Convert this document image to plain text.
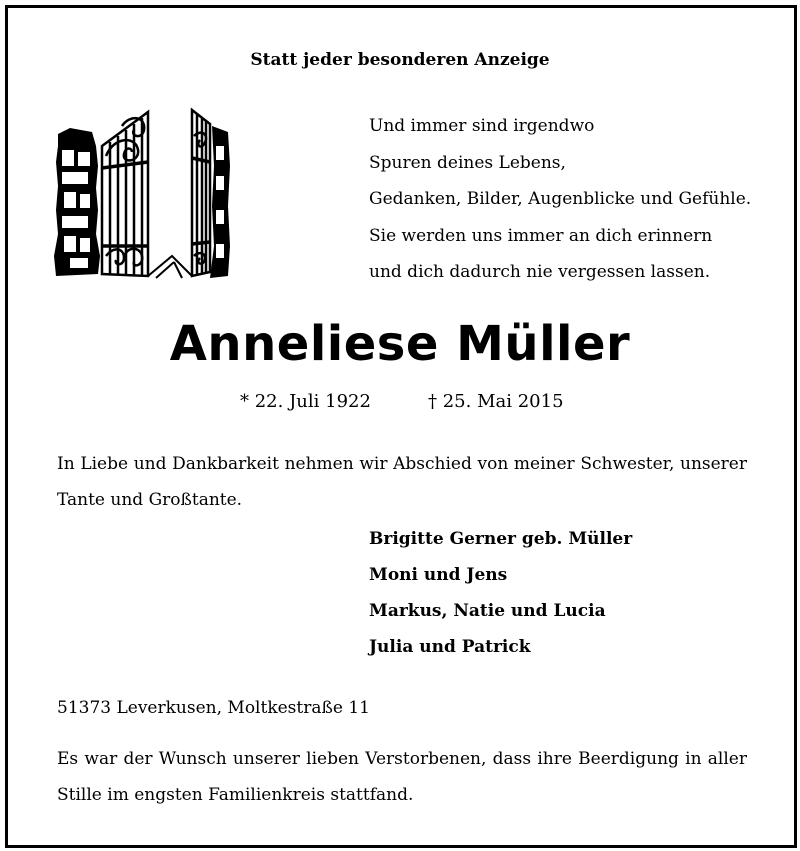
Statt jeder besonderen Anzeige
Und immer sind irgendwo
Spuren deines Lebens,
Gedanken, Bilder, Augenblicke und Gefühle.
Sie werden uns immer an dich erinnern
und dich dadurch nie vergessen lassen.
Anneliese Müller
* 22. Juli 1922	† 25. Mai 2015
In Liebe und Dankbarkeit nehmen wir Abschied von meiner Schwester, unserer Tante und Großtante.
Brigitte Gerner geb. Müller
Moni und Jens
Markus, Natie und Lucia
Julia und Patrick
51373 Leverkusen, Moltkestraße 11
Es war der Wunsch unserer lieben Verstorbenen, dass ihre Beerdigung in aller Stille im engsten Familienkreis stattfand.
